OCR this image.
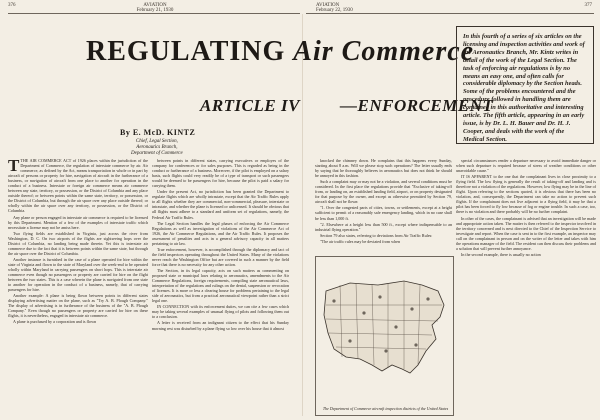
376	AVIATION
February 21, 1930
AVIATION
February 22, 1930
377
REGULATING Air Commerce
ARTICLE IV —ENFORCEMENT
By E. McD. KINTZ
Chief, Legal Section,
Aeronautics Branch,
Department of Commerce
In this fourth of a series of six articles on the licensing and inspection activities and work of the Aeronautics Branch, Mr. Kintz writes in detail of the work of the Legal Section. The task of enforcing air regulations is by no means an easy one, and often calls for considerable diplomacy by the Section heads. Some of the problems encountered and the procedure followed in handling them are contained in this authoritative and interesting article. The fifth article, appearing in an early issue, is by Dr. L. H. Bauer and Dr. H. J. Cooper, and deals with the work of the Medical Section.

TTHE AIR COMMERCE ACT of 1926 places within the jurisdiction of the Department of Commerce, the regulation of interstate commerce by air. Air commerce, as defined by the Act, means transportation in whole or in part by aircraft of persons or property for hire, navigation of aircraft in the furtherance of a business, or navigation of aircraft from one place to another for operation in the conduct of a business. Interstate or foreign air commerce means air commerce between any state, territory, or possession, or the District of Columbia and any place outside thereof; or between points within the same state, territory, or possession, or the District of Columbia, but through the air space over any place outside thereof; or wholly within the air space over any territory, or possession, or the District of Columbia.

Any plane or person engaged in interstate air commerce is required to be licensed by this Department. Mention of a few of the examples of interstate traffic which necessitate a license may not be amiss here.

Two flying fields are established in Virginia, just across the river from Washington, D. C. On two airports of the flights are sightseeing hops over the District of Columbia, no landing being made therein. Yet this is interstate air commerce due to the fact that it is between points within the same state, but through the air space over the District of Columbia.

Another instance is furnished in the case of a plane operated for hire within the state of Virginia and flown to the state of Maryland over the week-end to be operated wholly within Maryland in carrying passengers on short hops. This is interstate air commerce even though no passengers or property are carried for hire on the flight between the two states. This is a case wherein the plane is navigated from one state to another for operation in the conduct of a business, namely, that of carrying passengers for hire.

Another example: A plane is being flown between points in different states displaying advertising matter on the plane, such as "Try A. B. Plough Company." The display of advertising is in furtherance of the business of the "A. B. Plough Company." Even though no passengers or property are carried for hire on these flights, it is nevertheless, engaged in interstate air commerce.

A plane is purchased by a corporation and is flown

between points in different states, carrying executives or employes of the company for conferences or for sales purposes. This is regarded as being in the conduct or furtherance of a business. Moreover, if the pilot is employed on a salary basis, such flights could very readily be of a type of transport or such passengers would be deemed to be passengers for hire, because the pilot is paid a salary for carrying them.

Under the present Act, no jurisdiction has been granted the Department to regulate flights which are wholly intrastate, except that the Air Traffic Rules apply to all flights whether they are commercial, non-commercial, pleasure, interstate or intrastate, and whether the plane is licensed or unlicensed. It should be obvious that all flights must adhere to a standard and uniform set of regulations, namely, the Federal Air Traffic Rules.

The Legal Section handles the legal phases of enforcing the Air Commerce Regulations as well as investigation of violations of the Air Commerce Act of 1926, the Air Commerce Regulations, and the Air Traffic Rules. It proposes the assessment of penalties and acts in a general advisory capacity in all matters pertaining to air law.

True enforcement, however, is accomplished through the diplomacy and tact of the field inspectors operating throughout the United States. Many of the violations never reach the Washington Office but are covered in such a manner by the field force that there is no necessity for any other action.

The Section, in its legal capacity, acts on such matters as commenting on proposed state or municipal laws relating to aeronautics, amendments to the Air Commerce Regulations, foreign requirements, compiling state aeronautical laws, interpretation of the regulations and rulings on the denial, suspension or revocation of licenses. It is more or less a clearing house for problems pertaining to the legal side of aeronautics, but from a practical aeronautical viewpoint rather than a strict legal one.

IN CONNECTION with its enforcement duties, we can cite a few cases which may be taking several examples of unusual flying of pilots and following them out to a conclusion.

A letter is received from an indignant citizen to the effect that his Sunday morning rest was disturbed by a plane flying so low over his house that it almost

knocked the chimney down. He complains that this happens every Sunday, starting about 8 a.m. Will we please stop such operations? The letter usually ends by saying that he thoroughly believes in aeronautics but does not think he should be annoyed in this fashion.

Such a complaint may or may not be a violation, and several conditions must be considered. In the first place the regulations provide that "Exclusive of taking-off from, or landing on, an established landing field, airport, or on property designated for that purpose by the owner, and except as otherwise permitted by Section 79, aircraft shall not be flown:

"1. Over the congested parts of cities, towns, or settlements, except at a height sufficient to permit of a reasonably safe emergency landing, which in no case shall be less than 1,000 ft.

"2. Elsewhere at a height less than 500 ft., except where indispensable to an industrial flying operation."

Section 79 also states, referring to deviations from Air Traffic Rules:

"The air traffic rules may be deviated from when

special circumstances render a departure necessary to avoid immediate danger or when such departure is required because of stress of weather conditions or other unavoidable cause."

IT IS APPARENT to the one that the complainant lives in close proximity to a flying field. The low flying is generally the result of taking-off and landing and is therefore not a violation of the regulations. However, low flying may be in the line of flight. Upon referring to the sections quoted, it is obvious that there has been no violation, and, consequently, the Department can take no action to prevent such flights. If the complainant does not live adjacent to a flying field, it may be that a pilot has been forced to fly low because of fog or engine trouble. In such a case, too, there is no violation and there probably will be no further complaint.

In other of the cases, the complainant is advised that an investigation will be made and appropriate action taken. The matter is then referred to the inspector involved in the territory concerned and is next directed to the Chief of the Inspection Service to investigate and report. When the case is sent in to the first example, an inspector may call on the complainant in person and on the writer of the letter and takes with him the operations manager of the field. The resident can then discuss their problems and a solution that will prevent further annoyance.

In the second example, there is usually no action

The Department of Commerce aircraft inspection districts of the United States
